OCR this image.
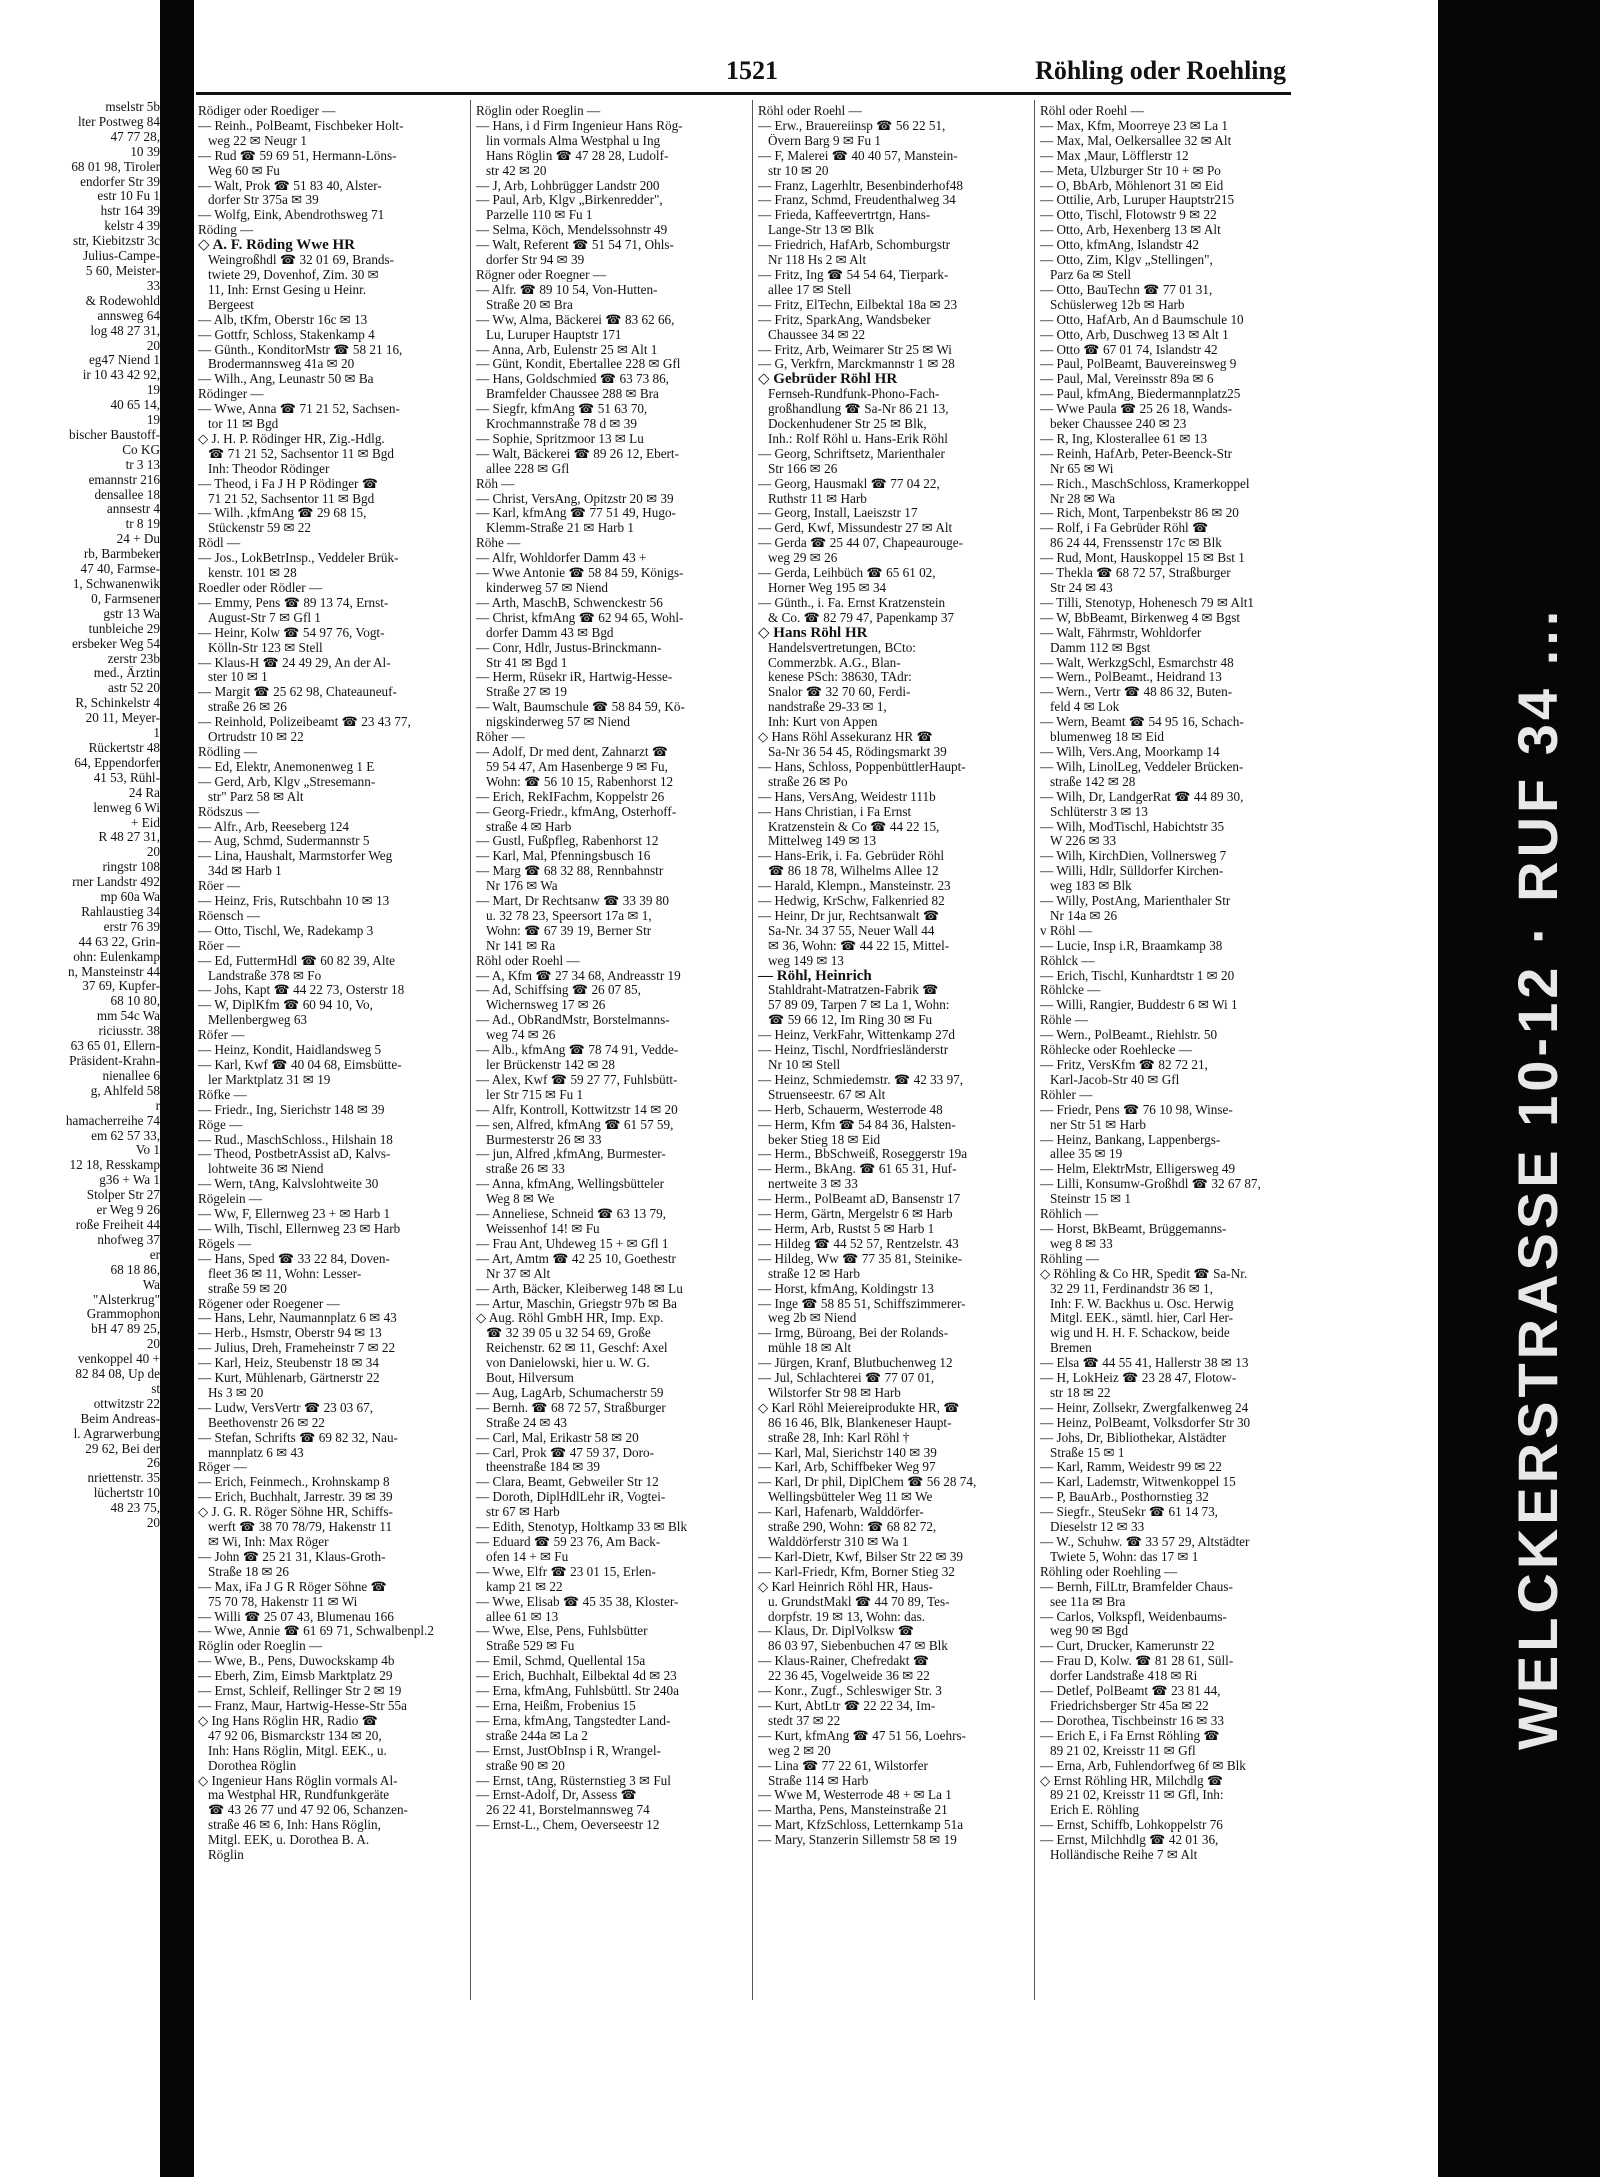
WELCKERSTRASSE 10-12 · RUF 34 ...
mselstr 5b
lter Postweg 84
47 77 28,
10 39
68 01 98, Tiroler
endorfer Str 39
estr 10 Fu 1
hstr 164 39
kelstr 4 39
str, Kiebitzstr 3c
Julius-Campe-
5 60, Meister-
33
& Rodewohld
annsweg 64
log 48 27 31,
20
eg47 Niend 1
ir 10 43 42 92,
19
40 65 14,
19
bischer Baustoff-
Co KG
tr 3 13
emannstr 216
densallee 18
annsestr 4
tr 8 19
24 + Du
rb, Barmbeker
47 40, Farmse-
1, Schwanenwik
0, Farmsener
gstr 13 Wa
tunbleiche 29
ersbeker Weg 54
zerstr 23b
med., Ärztin
astr 52 20
R, Schinkelstr 4
20 11, Meyer-
1
Rückertstr 48
64, Eppendorfer
41 53, Rühl-
24 Ra
lenweg 6 Wi
+ Eid
R 48 27 31,
20
ringstr 108
rner Landstr 492
mp 60a Wa
Rahlaustieg 34
erstr 76 39
44 63 22, Grin-
ohn: Eulenkamp
n, Mansteinstr 44
37 69, Kupfer-
68 10 80,
mm 54c Wa
riciusstr. 38
63 65 01, Ellern-
Präsident-Krahn-
nienallee 6
g, Ahlfeld 58
r
hamacherreihe 74
em 62 57 33,
Vo 1
12 18, Resskamp
g36 + Wa 1
Stolper Str 27
er Weg 9 26
roße Freiheit 44
nhofweg 37
er
68 18 86,
Wa
"Alsterkrug"
Grammophon
bH 47 89 25,
20
venkoppel 40 +
82 84 08, Up de
st
ottwitzstr 22
Beim Andreas-
l. Agrarwerbung
29 62, Bei der
26
nriettenstr. 35
lüchertstr 10
48 23 75,
20
1521	Röhling oder Roehling
Rödiger oder Roediger —
— Reinh., PolBeamt, Fischbeker Holt-
weg 22 ✉ Neugr 1
— Rud ☎ 59 69 51, Hermann-Löns-
Weg 60 ✉ Fu
— Walt, Prok ☎ 51 83 40, Alster-
dorfer Str 375a ✉ 39
— Wolfg, Eink, Abendrothsweg 71
Röding —
◇ A. F. Röding Wwe HR
Weingroßhdl ☎ 32 01 69, Brands-
twiete 29, Dovenhof, Zim. 30 ✉
11, Inh: Ernst Gesing u Heinr.
Bergeest
— Alb, tKfm, Oberstr 16c ✉ 13
— Gottfr, Schloss, Stakenkamp 4
— Günth., KonditorMstr ☎ 58 21 16,
Brodermannsweg 41a ✉ 20
— Wilh., Ang, Leunastr 50 ✉ Ba
Rödinger —
— Wwe, Anna ☎ 71 21 52, Sachsen-
tor 11 ✉ Bgd
◇ J. H. P. Rödinger HR, Zig.-Hdlg.
☎ 71 21 52, Sachsentor 11 ✉ Bgd
Inh: Theodor Rödinger
— Theod, i Fa J H P Rödinger ☎
71 21 52, Sachsentor 11 ✉ Bgd
— Wilh. ,kfmAng ☎ 29 68 15,
Stückenstr 59 ✉ 22
Rödl —
— Jos., LokBetrInsp., Veddeler Brük-
kenstr. 101 ✉ 28
Roedler oder Rödler —
— Emmy, Pens ☎ 89 13 74, Ernst-
August-Str 7 ✉ Gfl 1
— Heinr, Kolw ☎ 54 97 76, Vogt-
Kölln-Str 123 ✉ Stell
— Klaus-H ☎ 24 49 29, An der Al-
ster 10 ✉ 1
— Margit ☎ 25 62 98, Chateauneuf-
straße 26 ✉ 26
— Reinhold, Polizeibeamt ☎ 23 43 77,
Ortrudstr 10 ✉ 22
Rödling —
— Ed, Elektr, Anemonenweg 1 E
— Gerd, Arb, Klgv „Stresemann-
str" Parz 58 ✉ Alt
Rödszus —
— Alfr., Arb, Reeseberg 124
— Aug, Schmd, Sudermannstr 5
— Lina, Haushalt, Marmstorfer Weg
34d ✉ Harb 1
Röer —
— Heinz, Fris, Rutschbahn 10 ✉ 13
Röensch —
— Otto, Tischl, We, Radekamp 3
Röer —
— Ed, FuttermHdl ☎ 60 82 39, Alte
Landstraße 378 ✉ Fo
— Johs, Kapt ☎ 44 22 73, Osterstr 18
— W, DiplKfm ☎ 60 94 10, Vo,
Mellenbergweg 63
Röfer —
— Heinz, Kondit, Haidlandsweg 5
— Karl, Kwf ☎ 40 04 68, Eimsbütte-
ler Marktplatz 31 ✉ 19
Röfke —
— Friedr., Ing, Sierichstr 148 ✉ 39
Röge —
— Rud., MaschSchloss., Hilshain 18
— Theod, PostbetrAssist aD, Kalvs-
lohtweite 36 ✉ Niend
— Wern, tAng, Kalvslohtweite 30
Rögelein —
— Ww, F, Ellernweg 23 + ✉ Harb 1
— Wilh, Tischl, Ellernweg 23 ✉ Harb
Rögels —
— Hans, Sped ☎ 33 22 84, Doven-
fleet 36 ✉ 11, Wohn: Lesser-
straße 59 ✉ 20
Rögener oder Roegener —
— Hans, Lehr, Naumannplatz 6 ✉ 43
— Herb., Hsmstr, Oberstr 94 ✉ 13
— Julius, Dreh, Frameheinstr 7 ✉ 22
— Karl, Heiz, Steubenstr 18 ✉ 34
— Kurt, Mühlenarb, Gärtnerstr 22
Hs 3 ✉ 20
— Ludw, VersVertr ☎ 23 03 67,
Beethovenstr 26 ✉ 22
— Stefan, Schrifts ☎ 69 82 32, Nau-
mannplatz 6 ✉ 43
Röger —
— Erich, Feinmech., Krohnskamp 8
— Erich, Buchhalt, Jarrestr. 39 ✉ 39
◇ J. G. R. Röger Söhne HR, Schiffs-
werft ☎ 38 70 78/79, Hakenstr 11
✉ Wi, Inh: Max Röger
— John ☎ 25 21 31, Klaus-Groth-
Straße 18 ✉ 26
— Max, iFa J G R Röger Söhne ☎
75 70 78, Hakenstr 11 ✉ Wi
— Willi ☎ 25 07 43, Blumenau 166
— Wwe, Annie ☎ 61 69 71, Schwalbenpl.2
Röglin oder Roeglin —
— Wwe, B., Pens, Duwockskamp 4b
— Eberh, Zim, Eimsb Marktplatz 29
— Ernst, Schleif, Rellinger Str 2 ✉ 19
— Franz, Maur, Hartwig-Hesse-Str 55a
◇ Ing Hans Röglin HR, Radio ☎
47 92 06, Bismarckstr 134 ✉ 20,
Inh: Hans Röglin, Mitgl. EEK., u.
Dorothea Röglin
◇ Ingenieur Hans Röglin vormals Al-
ma Westphal HR, Rundfunkgeräte
☎ 43 26 77 und 47 92 06, Schanzen-
straße 46 ✉ 6, Inh: Hans Röglin,
Mitgl. EEK, u. Dorothea B. A.
Röglin
Röglin oder Roeglin —
— Hans, i d Firm Ingenieur Hans Rög-
lin vormals Alma Westphal u Ing
Hans Röglin ☎ 47 28 28, Ludolf-
str 42 ✉ 20
— J, Arb, Lohbrügger Landstr 200
— Paul, Arb, Klgv „Birkenredder",
Parzelle 110 ✉ Fu 1
— Selma, Köch, Mendelssohnstr 49
— Walt, Referent ☎ 51 54 71, Ohls-
dorfer Str 94 ✉ 39
Rögner oder Roegner —
— Alfr. ☎ 89 10 54, Von-Hutten-
Straße 20 ✉ Bra
— Ww, Alma, Bäckerei ☎ 83 62 66,
Lu, Luruper Hauptstr 171
— Anna, Arb, Eulenstr 25 ✉ Alt 1
— Günt, Kondit, Ebertallee 228 ✉ Gfl
— Hans, Goldschmied ☎ 63 73 86,
Bramfelder Chaussee 288 ✉ Bra
— Siegfr, kfmAng ☎ 51 63 70,
Krochmannstraße 78 d ✉ 39
— Sophie, Spritzmoor 13 ✉ Lu
— Walt, Bäckerei ☎ 89 26 12, Ebert-
allee 228 ✉ Gfl
Röh —
— Christ, VersAng, Opitzstr 20 ✉ 39
— Karl, kfmAng ☎ 77 51 49, Hugo-
Klemm-Straße 21 ✉ Harb 1
Röhe —
— Alfr, Wohldorfer Damm 43 +
— Wwe Antonie ☎ 58 84 59, Königs-
kinderweg 57 ✉ Niend
— Arth, MaschB, Schwenckestr 56
— Christ, kfmAng ☎ 62 94 65, Wohl-
dorfer Damm 43 ✉ Bgd
— Conr, Hdlr, Justus-Brinckmann-
Str 41 ✉ Bgd 1
— Herm, Rüsekr iR, Hartwig-Hesse-
Straße 27 ✉ 19
— Walt, Baumschule ☎ 58 84 59, Kö-
nigskinderweg 57 ✉ Niend
Röher —
— Adolf, Dr med dent, Zahnarzt ☎
59 54 47, Am Hasenberge 9 ✉ Fu,
Wohn: ☎ 56 10 15, Rabenhorst 12
— Erich, RekIFachm, Koppelstr 26
— Georg-Friedr., kfmAng, Osterhoff-
straße 4 ✉ Harb
— Gustl, Fußpfleg, Rabenhorst 12
— Karl, Mal, Pfenningsbusch 16
— Marg ☎ 68 32 88, Rennbahnstr
Nr 176 ✉ Wa
— Mart, Dr Rechtsanw ☎ 33 39 80
u. 32 78 23, Speersort 17a ✉ 1,
Wohn: ☎ 67 39 19, Berner Str
Nr 141 ✉ Ra
Röhl oder Roehl —
— A, Kfm ☎ 27 34 68, Andreasstr 19
— Ad, Schiffsing ☎ 26 07 85,
Wichernsweg 17 ✉ 26
— Ad., ObRandMstr, Borstelmanns-
weg 74 ✉ 26
— Alb., kfmAng ☎ 78 74 91, Vedde-
ler Brückenstr 142 ✉ 28
— Alex, Kwf ☎ 59 27 77, Fuhlsbütt-
ler Str 715 ✉ Fu 1
— Alfr, Kontroll, Kottwitzstr 14 ✉ 20
— sen, Alfred, kfmAng ☎ 61 57 59,
Burmesterstr 26 ✉ 33
— jun, Alfred ,kfmAng, Burmester-
straße 26 ✉ 33
— Anna, kfmAng, Wellingsbütteler
Weg 8 ✉ We
— Anneliese, Schneid ☎ 63 13 79,
Weissenhof 14! ✉ Fu
— Frau Ant, Uhdeweg 15 + ✉ Gfl 1
— Art, Amtm ☎ 42 25 10, Goethestr
Nr 37 ✉ Alt
— Arth, Bäcker, Kleiberweg 148 ✉ Lu
— Artur, Maschin, Griegstr 97b ✉ Ba
◇ Aug. Röhl GmbH HR, Imp. Exp.
☎ 32 39 05 u 32 54 69, Große
Reichenstr. 62 ✉ 11, Geschf: Axel
von Danielowski, hier u. W. G.
Bout, Hilversum
— Aug, LagArb, Schumacherstr 59
— Bernh. ☎ 68 72 57, Straßburger
Straße 24 ✉ 43
— Carl, Mal, Erikastr 58 ✉ 20
— Carl, Prok ☎ 47 59 37, Doro-
theenstraße 184 ✉ 39
— Clara, Beamt, Gebweiler Str 12
— Doroth, DiplHdlLehr iR, Vogtei-
str 67 ✉ Harb
— Edith, Stenotyp, Holtkamp 33 ✉ Blk
— Eduard ☎ 59 23 76, Am Back-
ofen 14 + ✉ Fu
— Wwe, Elfr ☎ 23 01 15, Erlen-
kamp 21 ✉ 22
— Wwe, Elisab ☎ 45 35 38, Kloster-
allee 61 ✉ 13
— Wwe, Else, Pens, Fuhlsbütter
Straße 529 ✉ Fu
— Emil, Schmd, Quellental 15a
— Erich, Buchhalt, Eilbektal 4d ✉ 23
— Erna, kfmAng, Fuhlsbüttl. Str 240a
— Erna, Heißm, Frobenius 15
— Erna, kfmAng, Tangstedter Land-
straße 244a ✉ La 2
— Ernst, JustObInsp i R, Wrangel-
straße 90 ✉ 20
— Ernst, tAng, Rüsternstieg 3 ✉ Ful
— Ernst-Adolf, Dr, Assess ☎
26 22 41, Borstelmannsweg 74
— Ernst-L., Chem, Oeverseestr 12
Röhl oder Roehl —
— Erw., Brauereiinsp ☎ 56 22 51,
Övern Barg 9 ✉ Fu 1
— F, Malerei ☎ 40 40 57, Manstein-
str 10 ✉ 20
— Franz, Lagerhltr, Besenbinderhof48
— Franz, Schmd, Freudenthalweg 34
— Frieda, Kaffeevertrtgn, Hans-
Lange-Str 13 ✉ Blk
— Friedrich, HafArb, Schomburgstr
Nr 118 Hs 2 ✉ Alt
— Fritz, Ing ☎ 54 54 64, Tierpark-
allee 17 ✉ Stell
— Fritz, ElTechn, Eilbektal 18a ✉ 23
— Fritz, SparkAng, Wandsbeker
Chaussee 34 ✉ 22
— Fritz, Arb, Weimarer Str 25 ✉ Wi
— G, Verkfrn, Marckmannstr 1 ✉ 28
◇ Gebrüder Röhl HR
Fernseh-Rundfunk-Phono-Fach-
großhandlung ☎ Sa-Nr 86 21 13,
Dockenhudener Str 25 ✉ Blk,
Inh.: Rolf Röhl u. Hans-Erik Röhl
— Georg, Schriftsetz, Marienthaler
Str 166 ✉ 26
— Georg, Hausmakl ☎ 77 04 22,
Ruthstr 11 ✉ Harb
— Georg, Install, Laeiszstr 17
— Gerd, Kwf, Missundestr 27 ✉ Alt
— Gerda ☎ 25 44 07, Chapeaurouge-
weg 29 ✉ 26
— Gerda, Leihbüch ☎ 65 61 02,
Horner Weg 195 ✉ 34
— Günth., i. Fa. Ernst Kratzenstein
& Co. ☎ 82 79 47, Papenkamp 37
◇ Hans Röhl HR
Handelsvertretungen, BCto:
Commerzbk. A.G., Blan-
kenese PSch: 38630, TAdr:
Snalor ☎ 32 70 60, Ferdi-
nandstraße 29-33 ✉ 1,
Inh: Kurt von Appen
◇ Hans Röhl Assekuranz HR ☎
Sa-Nr 36 54 45, Rödingsmarkt 39
— Hans, Schloss, PoppenbüttlerHaupt-
straße 26 ✉ Po
— Hans, VersAng, Weidestr 111b
— Hans Christian, i Fa Ernst
Kratzenstein & Co ☎ 44 22 15,
Mittelweg 149 ✉ 13
— Hans-Erik, i. Fa. Gebrüder Röhl
☎ 86 18 78, Wilhelms Allee 12
— Harald, Klempn., Mansteinstr. 23
— Hedwig, KrSchw, Falkenried 82
— Heinr, Dr jur, Rechtsanwalt ☎
Sa-Nr. 34 37 55, Neuer Wall 44
✉ 36, Wohn: ☎ 44 22 15, Mittel-
weg 149 ✉ 13
— Röhl, Heinrich
Stahldraht-Matratzen-Fabrik ☎
57 89 09, Tarpen 7 ✉ La 1, Wohn:
☎ 59 66 12, Im Ring 30 ✉ Fu
— Heinz, VerkFahr, Wittenkamp 27d
— Heinz, Tischl, Nordfriesländerstr
Nr 10 ✉ Stell
— Heinz, Schmiedemstr. ☎ 42 33 97,
Struenseestr. 67 ✉ Alt
— Herb, Schauerm, Westerrode 48
— Herm, Kfm ☎ 54 84 36, Halsten-
beker Stieg 18 ✉ Eid
— Herm., BbSchweiß, Roseggerstr 19a
— Herm., BkAng. ☎ 61 65 31, Huf-
nertweite 3 ✉ 33
— Herm., PolBeamt aD, Bansenstr 17
— Herm, Gärtn, Mergelstr 6 ✉ Harb
— Herm, Arb, Rustst 5 ✉ Harb 1
— Hildeg ☎ 44 52 57, Rentzelstr. 43
— Hildeg, Ww ☎ 77 35 81, Steinike-
straße 12 ✉ Harb
— Horst, kfmAng, Koldingstr 13
— Inge ☎ 58 85 51, Schiffszimmerer-
weg 2b ✉ Niend
— Irmg, Büroang, Bei der Rolands-
mühle 18 ✉ Alt
— Jürgen, Kranf, Blutbuchenweg 12
— Jul, Schlachterei ☎ 77 07 01,
Wilstorfer Str 98 ✉ Harb
◇ Karl Röhl Meiereiprodukte HR, ☎
86 16 46, Blk, Blankeneser Haupt-
straße 28, Inh: Karl Röhl †
— Karl, Mal, Sierichstr 140 ✉ 39
— Karl, Arb, Schiffbeker Weg 97
— Karl, Dr phil, DiplChem ☎ 56 28 74,
Wellingsbütteler Weg 11 ✉ We
— Karl, Hafenarb, Walddörfer-
straße 290, Wohn: ☎ 68 82 72,
Walddörferstr 310 ✉ Wa 1
— Karl-Dietr, Kwf, Bilser Str 22 ✉ 39
— Karl-Friedr, Kfm, Borner Stieg 32
◇ Karl Heinrich Röhl HR, Haus-
u. GrundstMakl ☎ 44 70 89, Tes-
dorpfstr. 19 ✉ 13, Wohn: das.
— Klaus, Dr. DiplVolksw ☎
86 03 97, Siebenbuchen 47 ✉ Blk
— Klaus-Rainer, Chefredakt ☎
22 36 45, Vogelweide 36 ✉ 22
— Konr., Zugf., Schleswiger Str. 3
— Kurt, AbtLtr ☎ 22 22 34, Im-
stedt 37 ✉ 22
— Kurt, kfmAng ☎ 47 51 56, Loehrs-
weg 2 ✉ 20
— Lina ☎ 77 22 61, Wilstorfer
Straße 114 ✉ Harb
— Wwe M, Westerrode 48 + ✉ La 1
— Martha, Pens, Mansteinstraße 21
— Mart, KfzSchloss, Letternkamp 51a
— Mary, Stanzerin Sillemstr 58 ✉ 19
Röhl oder Roehl —
— Max, Kfm, Moorreye 23 ✉ La 1
— Max, Mal, Oelkersallee 32 ✉ Alt
— Max ,Maur, Löfflerstr 12
— Meta, Ulzburger Str 10 + ✉ Po
— O, BbArb, Möhlenort 31 ✉ Eid
— Ottilie, Arb, Luruper Hauptstr215
— Otto, Tischl, Flotowstr 9 ✉ 22
— Otto, Arb, Hexenberg 13 ✉ Alt
— Otto, kfmAng, Islandstr 42
— Otto, Zim, Klgv „Stellingen",
Parz 6a ✉ Stell
— Otto, BauTechn ☎ 77 01 31,
Schüslerweg 12b ✉ Harb
— Otto, HafArb, An d Baumschule 10
— Otto, Arb, Duschweg 13 ✉ Alt 1
— Otto ☎ 67 01 74, Islandstr 42
— Paul, PolBeamt, Bauvereinsweg 9
— Paul, Mal, Vereinsstr 89a ✉ 6
— Paul, kfmAng, Biedermannplatz25
— Wwe Paula ☎ 25 26 18, Wands-
beker Chaussee 240 ✉ 23
— R, Ing, Klosterallee 61 ✉ 13
— Reinh, HafArb, Peter-Beenck-Str
Nr 65 ✉ Wi
— Rich., MaschSchloss, Kramerkoppel
Nr 28 ✉ Wa
— Rich, Mont, Tarpenbekstr 86 ✉ 20
— Rolf, i Fa Gebrüder Röhl ☎
86 24 44, Frenssenstr 17c ✉ Blk
— Rud, Mont, Hauskoppel 15 ✉ Bst 1
— Thekla ☎ 68 72 57, Straßburger
Str 24 ✉ 43
— Tilli, Stenotyp, Hohenesch 79 ✉ Alt1
— W, BbBeamt, Birkenweg 4 ✉ Bgst
— Walt, Fährmstr, Wohldorfer
Damm 112 ✉ Bgst
— Walt, WerkzgSchl, Esmarchstr 48
— Wern., PolBeamt., Heidrand 13
— Wern., Vertr ☎ 48 86 32, Buten-
feld 4 ✉ Lok
— Wern, Beamt ☎ 54 95 16, Schach-
blumenweg 18 ✉ Eid
— Wilh, Vers.Ang, Moorkamp 14
— Wilh, LinolLeg, Veddeler Brücken-
straße 142 ✉ 28
— Wilh, Dr, LandgerRat ☎ 44 89 30,
Schlüterstr 3 ✉ 13
— Wilh, ModTischl, Habichtstr 35
W 226 ✉ 33
— Wilh, KirchDien, Vollnersweg 7
— Willi, Hdlr, Sülldorfer Kirchen-
weg 183 ✉ Blk
— Willy, PostAng, Marienthaler Str
Nr 14a ✉ 26
v Röhl —
— Lucie, Insp i.R, Braamkamp 38
Röhlck —
— Erich, Tischl, Kunhardtstr 1 ✉ 20
Röhlcke —
— Willi, Rangier, Buddestr 6 ✉ Wi 1
Röhle —
— Wern., PolBeamt., Riehlstr. 50
Röhlecke oder Roehlecke —
— Fritz, VersKfm ☎ 82 72 21,
Karl-Jacob-Str 40 ✉ Gfl
Röhler —
— Friedr, Pens ☎ 76 10 98, Winse-
ner Str 51 ✉ Harb
— Heinz, Bankang, Lappenbergs-
allee 35 ✉ 19
— Helm, ElektrMstr, Elligersweg 49
— Lilli, Konsumw-Großhdl ☎ 32 67 87,
Steinstr 15 ✉ 1
Röhlich —
— Horst, BkBeamt, Brüggemanns-
weg 8 ✉ 33
Röhling —
◇ Röhling & Co HR, Spedit ☎ Sa-Nr.
32 29 11, Ferdinandstr 36 ✉ 1,
Inh: F. W. Backhus u. Osc. Herwig
Mitgl. EEK., sämtl. hier, Carl Her-
wig und H. H. F. Schackow, beide
Bremen
— Elsa ☎ 44 55 41, Hallerstr 38 ✉ 13
— H, LokHeiz ☎ 23 28 47, Flotow-
str 18 ✉ 22
— Heinr, Zollsekr, Zwergfalkenweg 24
— Heinz, PolBeamt, Volksdorfer Str 30
— Johs, Dr, Bibliothekar, Alstädter
Straße 15 ✉ 1
— Karl, Ramm, Weidestr 99 ✉ 22
— Karl, Lademstr, Witwenkoppel 15
— P, BauArb., Posthornstieg 32
— Siegfr., SteuSekr ☎ 61 14 73,
Dieselstr 12 ✉ 33
— W., Schuhw. ☎ 33 57 29, Altstädter
Twiete 5, Wohn: das 17 ✉ 1
Röhling oder Roehling —
— Bernh, FilLtr, Bramfelder Chaus-
see 11a ✉ Bra
— Carlos, Volkspfl, Weidenbaums-
weg 90 ✉ Bgd
— Curt, Drucker, Kamerunstr 22
— Frau D, Kolw. ☎ 81 28 61, Süll-
dorfer Landstraße 418 ✉ Ri
— Detlef, PolBeamt ☎ 23 81 44,
Friedrichsberger Str 45a ✉ 22
— Dorothea, Tischbeinstr 16 ✉ 33
— Erich E, i Fa Ernst Röhling ☎
89 21 02, Kreisstr 11 ✉ Gfl
— Erna, Arb, Fuhlendorfweg 6f ✉ Blk
◇ Ernst Röhling HR, Milchdlg ☎
89 21 02, Kreisstr 11 ✉ Gfl, Inh:
Erich E. Röhling
— Ernst, Schiffb, Lohkoppelstr 76
— Ernst, Milchhdlg ☎ 42 01 36,
Holländische Reihe 7 ✉ Alt
